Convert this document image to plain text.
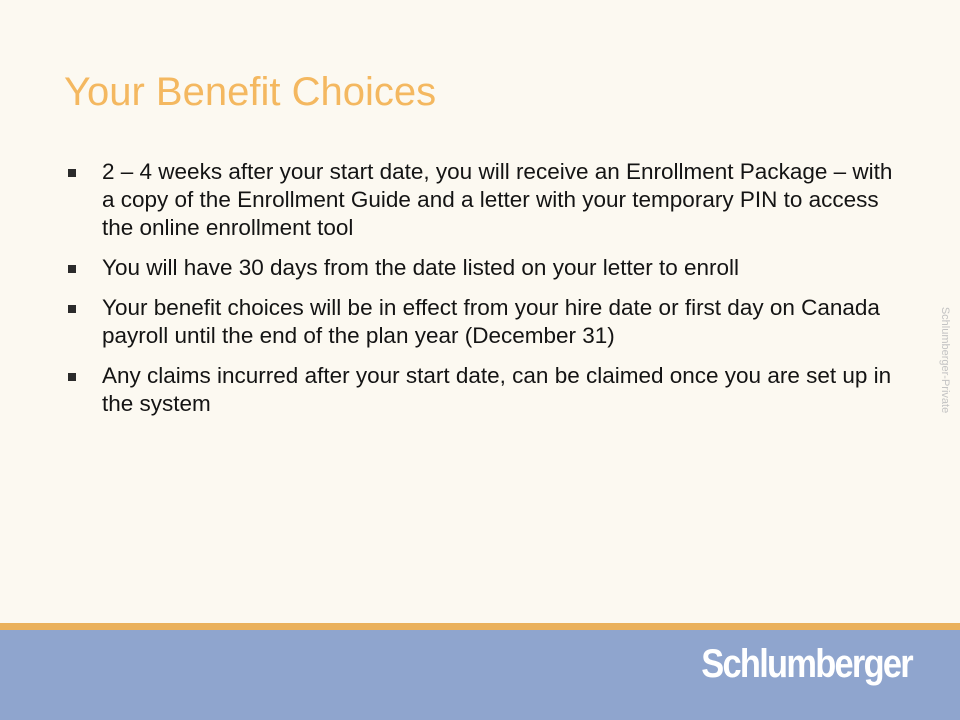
Your Benefit Choices
2 – 4 weeks after your start date, you will receive an Enrollment Package – with a copy of the Enrollment Guide and a letter with your temporary PIN to access the online enrollment tool
You will have 30 days from the date listed on your letter to enroll
Your benefit choices will be in effect from your hire date or first day on Canada payroll until the end of the plan year (December 31)
Any claims incurred after your start date, can be claimed once you are set up in the system	Schlumberger-Private
Schlumberger
